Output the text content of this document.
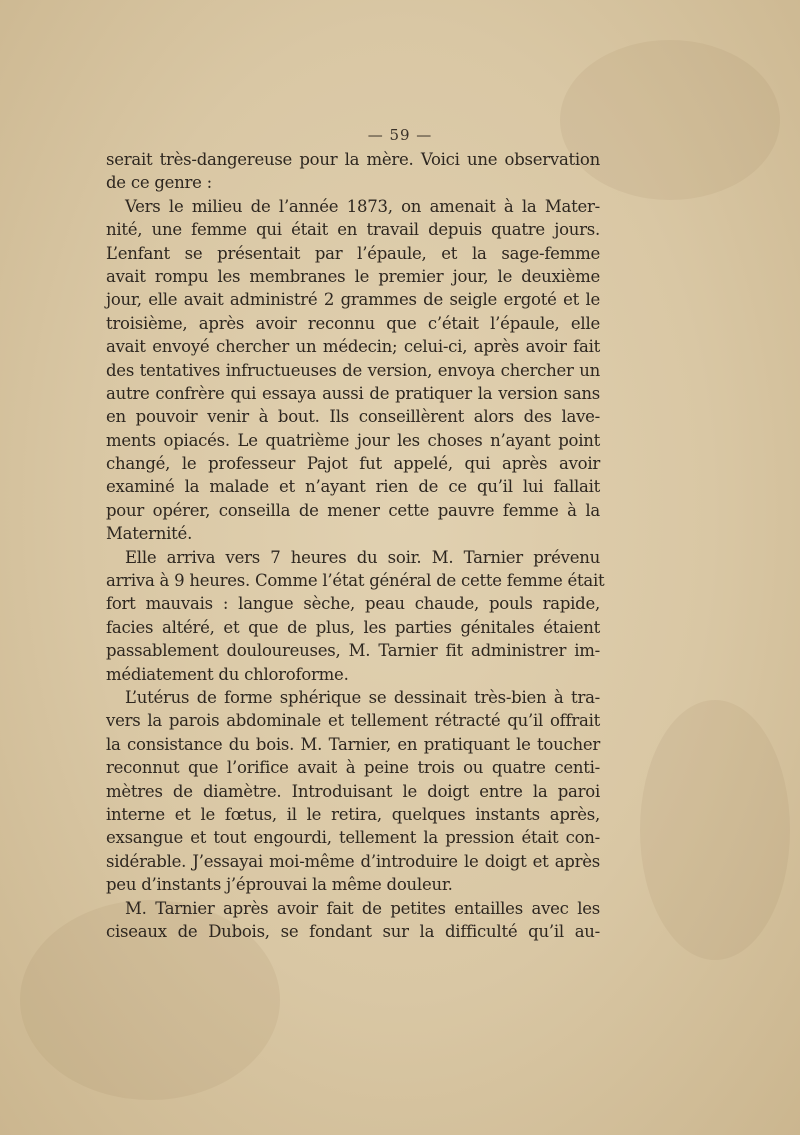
— 59 —
serait très-dangereuse pour la mère. Voici une observation
de ce genre :
Vers le milieu de l’année 1873, on amenait à la Mater-
nité, une femme qui était en travail depuis quatre jours.
L’enfant se présentait par l’épaule, et la sage-femme
avait rompu les membranes le premier jour, le deuxième
jour, elle avait administré 2 grammes de seigle ergoté et le
troisième, après avoir reconnu que c’était l’épaule, elle
avait envoyé chercher un médecin; celui-ci, après avoir fait
des tentatives infructueuses de version, envoya chercher un
autre confrère qui essaya aussi de pratiquer la version sans
en pouvoir venir à bout. Ils conseillèrent alors des lave-
ments opiacés. Le quatrième jour les choses n’ayant point
changé, le professeur Pajot fut appelé, qui après avoir
examiné la malade et n’ayant rien de ce qu’il lui fallait
pour opérer, conseilla de mener cette pauvre femme à la
Maternité.
Elle arriva vers 7 heures du soir. M. Tarnier prévenu
arriva à 9 heures. Comme l’état général de cette femme était
fort mauvais : langue sèche, peau chaude, pouls rapide,
facies altéré, et que de plus, les parties génitales étaient
passablement douloureuses, M. Tarnier fit administrer im-
médiatement du chloroforme.
L’utérus de forme sphérique se dessinait très-bien à tra-
vers la parois abdominale et tellement rétracté qu’il offrait
la consistance du bois. M. Tarnier, en pratiquant le toucher
reconnut que l’orifice avait à peine trois ou quatre centi-
mètres de diamètre. Introduisant le doigt entre la paroi
interne et le fœtus, il le retira, quelques instants après,
exsangue et tout engourdi, tellement la pression était con-
sidérable. J’essayai moi-même d’introduire le doigt et après
peu d’instants j’éprouvai la même douleur.
M. Tarnier après avoir fait de petites entailles avec les
ciseaux de Dubois, se fondant sur la difficulté qu’il au-
